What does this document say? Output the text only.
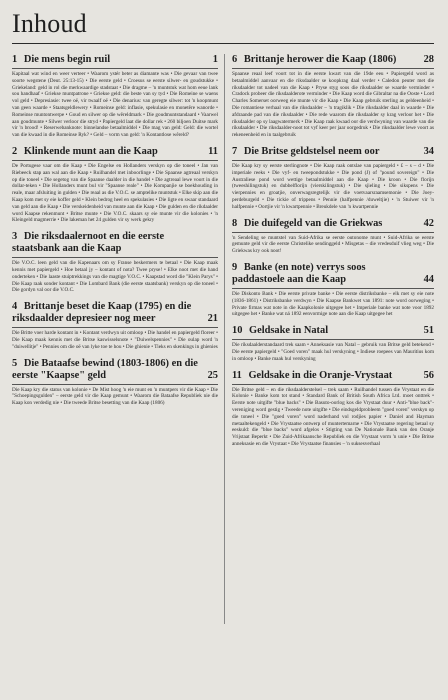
Inhoud
1 Die mens begin ruil	1
Kapitaal wat wind en weer verteer • Waarom ystér beter as diamante was • Die gevaar van twee soorte wegstene (Deut. 25:13-15) • Die eerste geld • Croesus se eerste silwer- en goudstukke • Griekeland: geld in rol die merkwaardige stadstaat • Die dragme – 'n muntstuk wat hom eeue lank sou handhaaf • Griekse muntpatrone • Griekse geld: die beste van sy tyd • Die Romeine se waens vol geld • Depresiasie: twee oë, vir twaalf oë • Die denarius: van geregte silwer: tot 'n koopmunt van geen waarde • Staatsgeldlewery • Romeinse geld: inflasie, spekulasie en monetêre wanorde • Romeinse muntontwerpe • Goud en silwer op die wêreldmark • Die goudmuntstandaard • Vaarwel aan goudmunte • Silwer verloor die stryd • Papiergeld laat die dollar rek • 260 biljoen Duitse mark vir 'n brood! • Reserwebanknote: binnelandse betaalmiddel • Die mag van geld: Geld: die wortel van die kwaad in die Romeinse Ryk? • Geld – vorm van geld: 'n Kontantlose wêreld?
2 Klinkende munt aan die Kaap	11
De Portugese vaar om die Kaap • Die Engelse en Hollanders verskyn op die toneel • Jan van Riebeeck stap aan wal aan die Kaap • Ruilhandel met inboorlinge • Die Spaanse agtreaal verskyn op die toneel • Die segetog van die Spaanse daalder in die handel • Die agtreaal lewe voort in die dollar-teken • Die Hollanders munt bul vir "Spaanse reale" • Die Kompanjie se boekhouding in reale, maar afsluiting in gulden • Die reaal as die V.O.C. se amptelike muntstuk • Elke skip aan die Kaap kom met sy eie koffer geld • Klein bedrog heel en spekulasies • Die ligte en swaar standaard van geld aan die Kaap • Die verskeidenheid van munte aan die Kaap • Die gulden en die rikdaalder word Kaapse rekenmunt • Britse munte • Die V.O.C. skaars sy eie munte vir die kolonies • 'n Kleingeld magmerrie • Die lakeman het 24 gulden vir sy werk gekry
3 Die riksdaalernoot en die eerste staatsbank aan die Kaap
Die V.O.C. leen geld van die Kapenaars om sy Franse beskermers te betaal • Die Kaap maak kennis met papiergeld • Hoe betaal jy – kontant of nota? Twee pryse! • Elke noot met die hand onderteken • Die laaste stuiptrekkings van die magtige V.O.C. • Kaapstad word die "Klein Parys" • Die Kaap raak sonder kontant • Die Lombard Bank (die eerste staatsbank) verskyn op die toneel • Die gordyn val oor die V.O.C.
4 Brittanje beset die Kaap (1795) en die riksdaalder depresieer nog meer	21
Die Britte voer harde kontant in • Kontant verdwyn uit omloop • Die handel en papiergeld floreer • Die Kaap maak kennis met die Britse kaswisselsnote • "Duiwelspennies" • Die oulap word 'n "duiwellitje" • Pennies om die oë van lyke toe te hou • Die ghienie • Tieks en skenkings in ghienies
5 Die Bataafse bewind (1803-1806) en die eerste "Kaapse" geld	25
Die Kaap kry die status van kolonie • De Mist hoog 'n eie munt en 'n muntpers vir die Kaap • Die "Schoepingsgulden" – eerste geld vir die Kaap gemunt • Waarom die Bataafse Republiek nie die Kaap kon verdedig nie • Die tweede Britse besetting van die Kaap (1806)
6 Brittanje herower die Kaap (1806)	28
Spaanse reaal leef voort tot in die eerste kwart van die 19de eeu • Papiergeld word as betaalmiddel aanvaar en die riksdaalder se koopkrag daal verder • Caledon peuter met die riksdaalder tot nadeel van die Kaap • Pryse styg soos die riksdaalder se waarde verminder • Cradock probeer die riksdaalderote verminder • Die Kaap word die Gibraltar na die Ooste • Lord Charles Somerset oorweeg eie munte vir die Kaap • Die Kaap gebruik sterling as geldeenheid • Die romantiese verhaal van die riksdaalder – 'n tragiklik • Die riksdaalder daal in waarde • Die afdraande pad van die riksdaalder • Die rede waarom die riksdaalder sy krag verloor het • Die riksdaalder op sy laagwatermerk • Die Kaap raak kwaad oor die verdwyning van waarde van die riksdaalder • Die riksdaalder-noot tot vyf keer per jaar oorgedruk • Die riksdaalder lewe voort as rekeneenheid en in taalgebruik
7 Die Britse geldstelsel neem oor	34
Die Kaap kry sy eerste sterlingnote • Die Kaap raak ontslae van papiergeld • £ – s – d • Die imperiale reeks • Die vyf- en tweepondstukke • Die pond (J) of "pound sovereign" • Die Australiese pond word wettige betaalmiddel aan die Kaap • Die kroon • Die florijn (tweeshilingstuk) en dubbelflorijn (vierskilingstuk) • Die sjieling • Die sikspens • Die vierpennies en groatjie, onverwagsregtelijk vir die voetvaarsraamsemonie • Die Joey-perdeburgeld • Die tickie of trippens • Pennie (halfpennie /duweltjie) • 'n Stuiwer vir 'n halfpennie • Oortjie vir 'n kwartpennie • Breukdele van 'n kwartpennie
8 Die duifegeld van die Griekwas	42
'n Sendeling se muntstel van Suid-Afrika se eerste outonome munt • Suid-Afrika se eerste gemunte geld vir die eerste Christelike sendinggeld • Misgetas – die vredesduif vlieg weg • Die Griekwas kry ook noot!
9 Banke (en note) verrys soos paddastoele aan die Kaap	44
Die Diskonto Bank • Die eerste private banke • Die eerste distriksbanke – elk met sy eie note (1836-1861) • Distriksbanke verdwyn • Die Kaapse Bankwet van 1891: note word oorweging • Private firmas wat note in die Kaapkolonie uitgegee het • Imperiale banke wat note voor 1892 uitgegee het • Banke wat ná 1892 eenvormige note aan die Kaap uitgegee het
10 Geldsake in Natal	51
Die riksdaalderstandaard trek saam • Anneksasie van Natal – gebruik van Britse geld betekend • Die eerste papiergeld • "Goed voren" maak hul verskyning • Indiese roepees van Mauritius kom in omloop • Banke maak hul verskyning
11 Geldsake in die Oranje-Vrystaat	56
Die Britse geld – en die riksdaalderstelsel – trek saam • Ruilhandel tussen die Vrystaat en die Kolonie • Banke kom tot stand • Standard Bank of British South Africa Ltd. moet onttrek • Eerste note uitgifte "blue backs" • Die Basuto-oorlog kos die Vrystaat duur • Anti-"blue back"-vereniging word gestig • Tweede note uitgifte • Die eindsgeldprobleem "goed voren" verskyn op die toneel • Die "goed voren" word naderhand vol rodjies papier • Daniel and Hayman metaaltekengeld • Die Vrystaatse ontwerp of muntertemarne • Die Vrystaatse regering betaal sy eeskuld: die "blue backs" word afgelos • Stigting van De Nationale Bank van den Oranje Vrijstaat Beperkt • Die Zuid-Afrikaansche Republiek en die Vrystaat vorm 'n unie • Die Britse anneksasie en die Vrystaat • Die Vrystaatse finansies – 'n suksesverhaal
